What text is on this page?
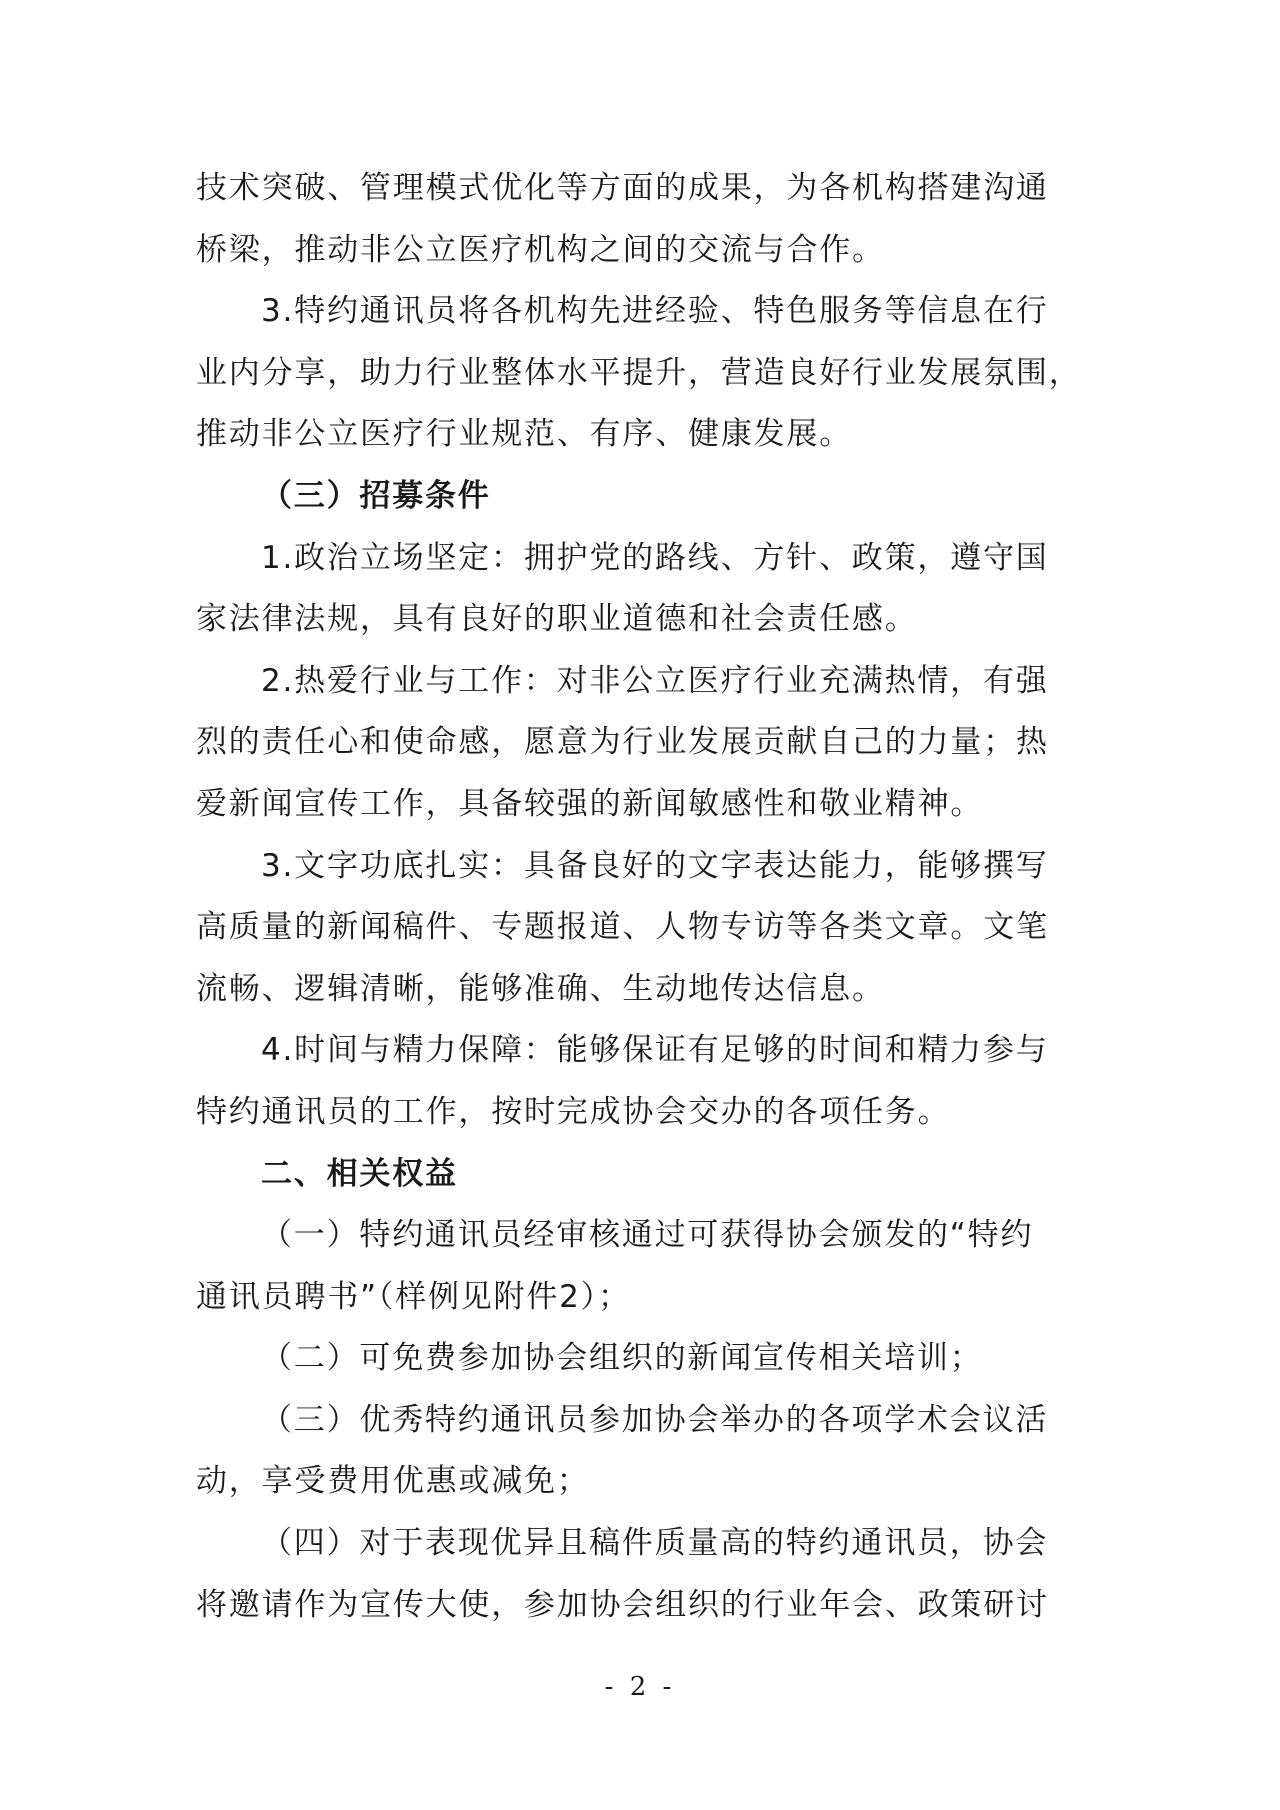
技术突破、管理模式优化等方面的成果，为各机构搭建沟通

桥梁，推动非公立医疗机构之间的交流与合作。

3.特约通讯员将各机构先进经验、特色服务等信息在行

业内分享，助力行业整体水平提升，营造良好行业发展氛围，

推动非公立医疗行业规范、有序、健康发展。

（三）招募条件

1.政治立场坚定：拥护党的路线、方针、政策，遵守国

家法律法规，具有良好的职业道德和社会责任感。

2.热爱行业与工作：对非公立医疗行业充满热情，有强

烈的责任心和使命感，愿意为行业发展贡献自己的力量；热

爱新闻宣传工作，具备较强的新闻敏感性和敬业精神。

3.文字功底扎实：具备良好的文字表达能力，能够撰写

高质量的新闻稿件、专题报道、人物专访等各类文章。文笔

流畅、逻辑清晰，能够准确、生动地传达信息。

4.时间与精力保障：能够保证有足够的时间和精力参与

特约通讯员的工作，按时完成协会交办的各项任务。

二、相关权益

（一）特约通讯员经审核通过可获得协会颁发的“特约

通讯员聘书”（样例见附件2）；

（二）可免费参加协会组织的新闻宣传相关培训；

（三）优秀特约通讯员参加协会举办的各项学术会议活

动，享受费用优惠或减免；

（四）对于表现优异且稿件质量高的特约通讯员，协会

将邀请作为宣传大使，参加协会组织的行业年会、政策研讨

- 2 -
